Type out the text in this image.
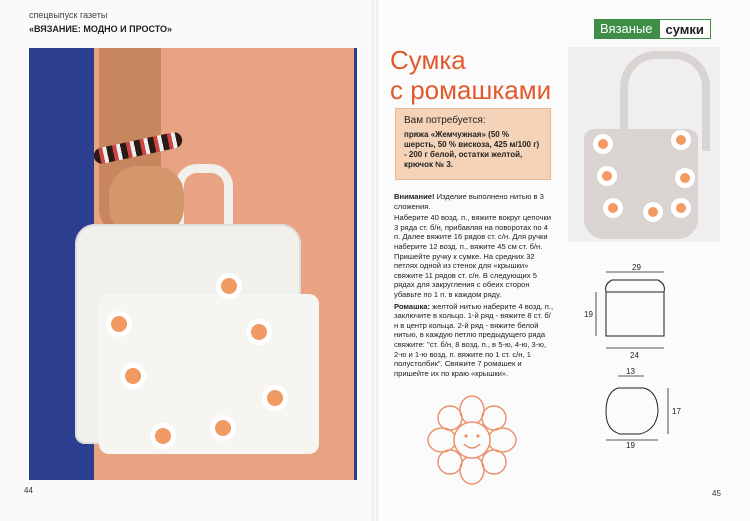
спецвыпуск газеты
«ВЯЗАНИЕ: МОДНО И ПРОСТО»
44
Вязаные	сумки
Сумка
с ромашками
Вам потребуется:
пряжа «Жемчужная» (50 % шерсть, 50 % вискоза, 425 м/100 г) - 200 г белой, остатки желтой, крючок № 3.

Внимание! Изделие выполнено нитью в 3 сложения.

Наберите 40 возд. п., вяжите вокруг цепочки 3 ряда ст. б/н, прибавляя на поворотах по 4 п. Далее вяжите 16 рядов ст. с/н. Для ручки наберите 12 возд. п., вяжите 45 см ст. б/н. Пришейте ручку к сумке. На средних 32 петлях одной из стенок для «крышки» свяжите 11 рядов ст. с/н. В следующих 5 рядах для закругления с обеих сторон убавьте по 1 п. в каждом ряду.

Ромашка: желтой нитью наберите 4 возд. п., заключите в кольцо. 1-й ряд - вяжите 8 ст. б/н в центр кольца. 2-й ряд - вяжите белой нитью, в каждую петлю предыдущего ряда свяжите: "ст. б/н, 8 возд. п., в 5-ю, 4-ю, 3-ю, 2-ю и 1-ю возд. п. вяжите по 1 ст. с/н, 1 полустолбик". Свяжите 7 ромашек и пришейте их по краю «крышки».

29
19
24
13
17
19
45
